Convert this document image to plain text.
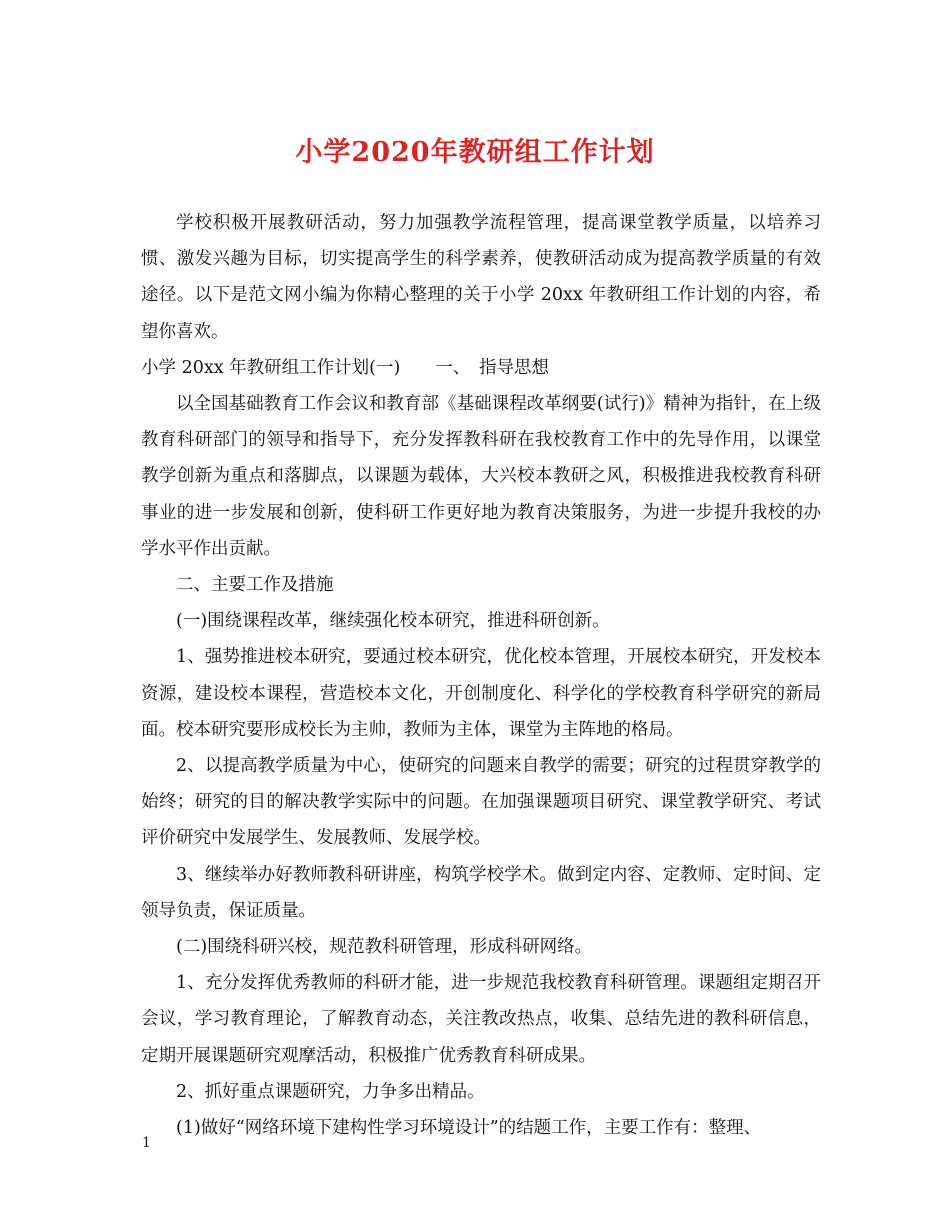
小学2020年教研组工作计划

学校积极开展教研活动，努力加强教学流程管理，提高课堂教学质量，以培养习惯、激发兴趣为目标，切实提高学生的科学素养，使教研活动成为提高教学质量的有效途径。以下是范文网小编为你精心整理的关于小学 20xx 年教研组工作计划的内容，希望你喜欢。

小学 20xx 年教研组工作计划(一)　　一、　指导思想

以全国基础教育工作会议和教育部《基础课程改革纲要(试行)》精神为指针，在上级教育科研部门的领导和指导下，充分发挥教科研在我校教育工作中的先导作用，以课堂教学创新为重点和落脚点，以课题为载体，大兴校本教研之风，积极推进我校教育科研事业的进一步发展和创新，使科研工作更好地为教育决策服务，为进一步提升我校的办学水平作出贡献。

二、主要工作及措施

(一)围绕课程改革，继续强化校本研究，推进科研创新。

1、强势推进校本研究，要通过校本研究，优化校本管理，开展校本研究，开发校本资源，建设校本课程，营造校本文化，开创制度化、科学化的学校教育科学研究的新局面。校本研究要形成校长为主帅，教师为主体，课堂为主阵地的格局。

2、以提高教学质量为中心，使研究的问题来自教学的需要；研究的过程贯穿教学的始终；研究的目的解决教学实际中的问题。在加强课题项目研究、课堂教学研究、考试评价研究中发展学生、发展教师、发展学校。

3、继续举办好教师教科研讲座，构筑学校学术。做到定内容、定教师、定时间、定领导负责，保证质量。

(二)围绕科研兴校，规范教科研管理，形成科研网络。

1、充分发挥优秀教师的科研才能，进一步规范我校教育科研管理。课题组定期召开会议，学习教育理论，了解教育动态，关注教改热点，收集、总结先进的教科研信息，定期开展课题研究观摩活动，积极推广优秀教育科研成果。

2、抓好重点课题研究，力争多出精品。

(1)做好“网络环境下建构性学习环境设计”的结题工作，主要工作有：整理、

1
